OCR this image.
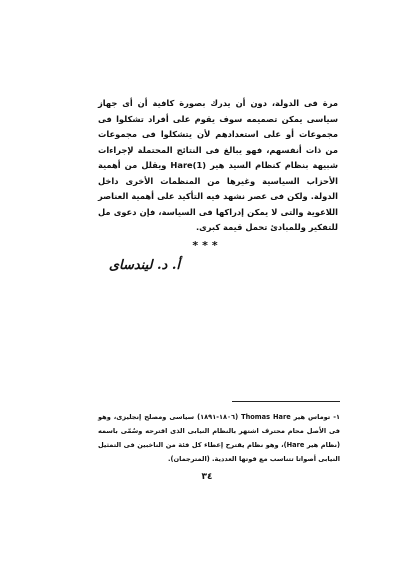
مرة فى الدولة، دون أن يدرك بصورة كافية أن أى جهاز سياسى يمكن تصميمه سوف يقوم على أفراد تشكلوا فى مجموعات أو على استعدادهم لأن يتشكلوا فى مجموعات من ذات أنفسهم، فهو يبالغ فى النتائج المحتملة لإجراءات شبيهة بنظام كنظام السيد هير Hare(1) ويقلل من أهمية الأحزاب السياسية وغيرها من المنظمات الأخرى داخل الدولة. ولكن فى عصر نشهد فيه التأكيد على أهمية العناصر اللاعوية والتى لا يمكن إدراكها فى السياسة، فإن دعوى مل للتفكير وللمبادئ تحمل قيمة كبرى.

***
أ. د. ليندساى

١- توماس هير Thomas Hare (١٨٠٦-١٨٩١) سياسى ومصلح إنجليزى، وهو فى الأصل محام محترف اشتهر بالنظام النيابى الذى اقترحه وسُمّى باسمه (نظام هير Hare)، وهو نظام يقترح إعطاء كل فئة من الناخبين فى التمثيل النيابى أصواتا تتناسب مع قوتها العددية. (المترجمان).

٣٤
